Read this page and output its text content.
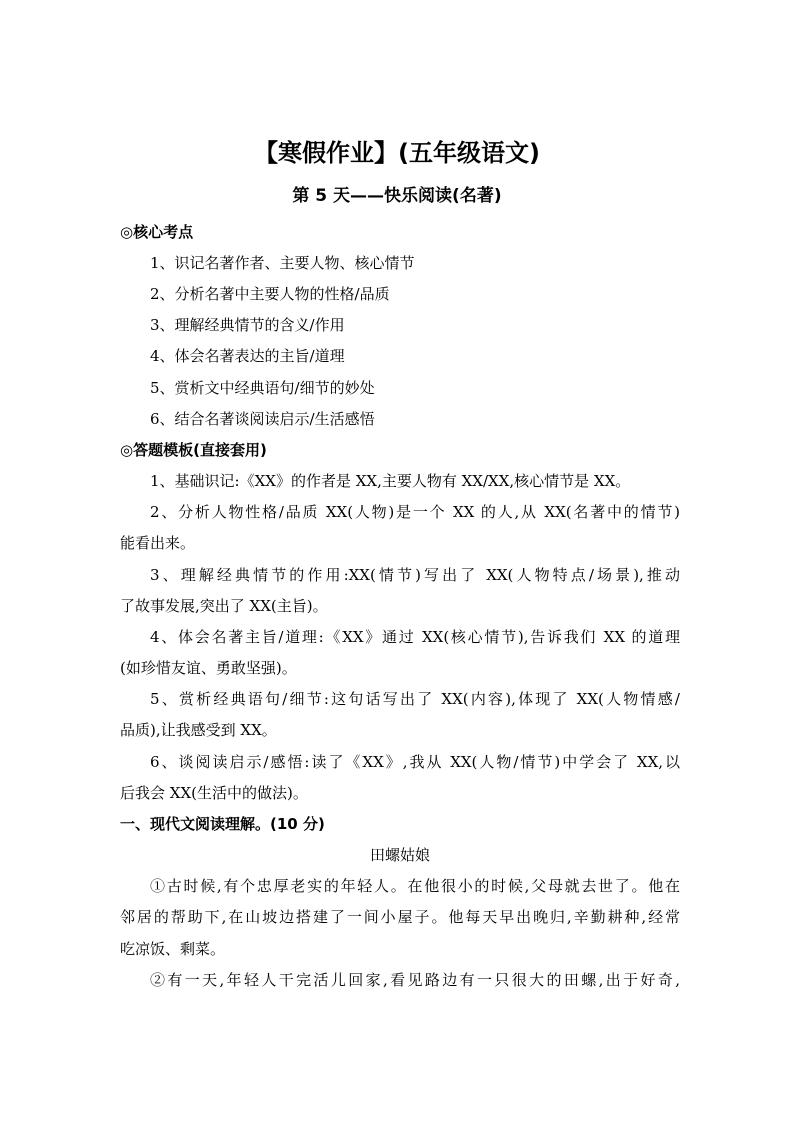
【寒假作业】(五年级语文)
第 5 天——快乐阅读(名著)
◎核心考点
1、识记名著作者、主要人物、核心情节
2、分析名著中主要人物的性格/品质
3、理解经典情节的含义/作用
4、体会名著表达的主旨/道理
5、赏析文中经典语句/细节的妙处
6、结合名著谈阅读启示/生活感悟
◎答题模板(直接套用)
1、基础识记:《XX》的作者是 XX,主要人物有 XX/XX,核心情节是 XX。
2、分析人物性格/品质 XX(人物)是一个 XX 的人,从 XX(名著中的情节)
能看出来。
3、理解经典情节的作用:XX(情节)写出了 XX(人物特点/场景),推动
了故事发展,突出了 XX(主旨)。
4、体会名著主旨/道理:《XX》通过 XX(核心情节),告诉我们 XX 的道理
(如珍惜友谊、勇敢坚强)。
5、赏析经典语句/细节:这句话写出了 XX(内容),体现了 XX(人物情感/
品质),让我感受到 XX。
6、谈阅读启示/感悟:读了《XX》,我从 XX(人物/情节)中学会了 XX,以
后我会 XX(生活中的做法)。
一、现代文阅读理解。(10 分)
田螺姑娘
①古时候,有个忠厚老实的年轻人。在他很小的时候,父母就去世了。他在
邻居的帮助下,在山坡边搭建了一间小屋子。他每天早出晚归,辛勤耕种,经常
吃凉饭、剩菜。
②有一天,年轻人干完活儿回家,看见路边有一只很大的田螺,出于好奇,
